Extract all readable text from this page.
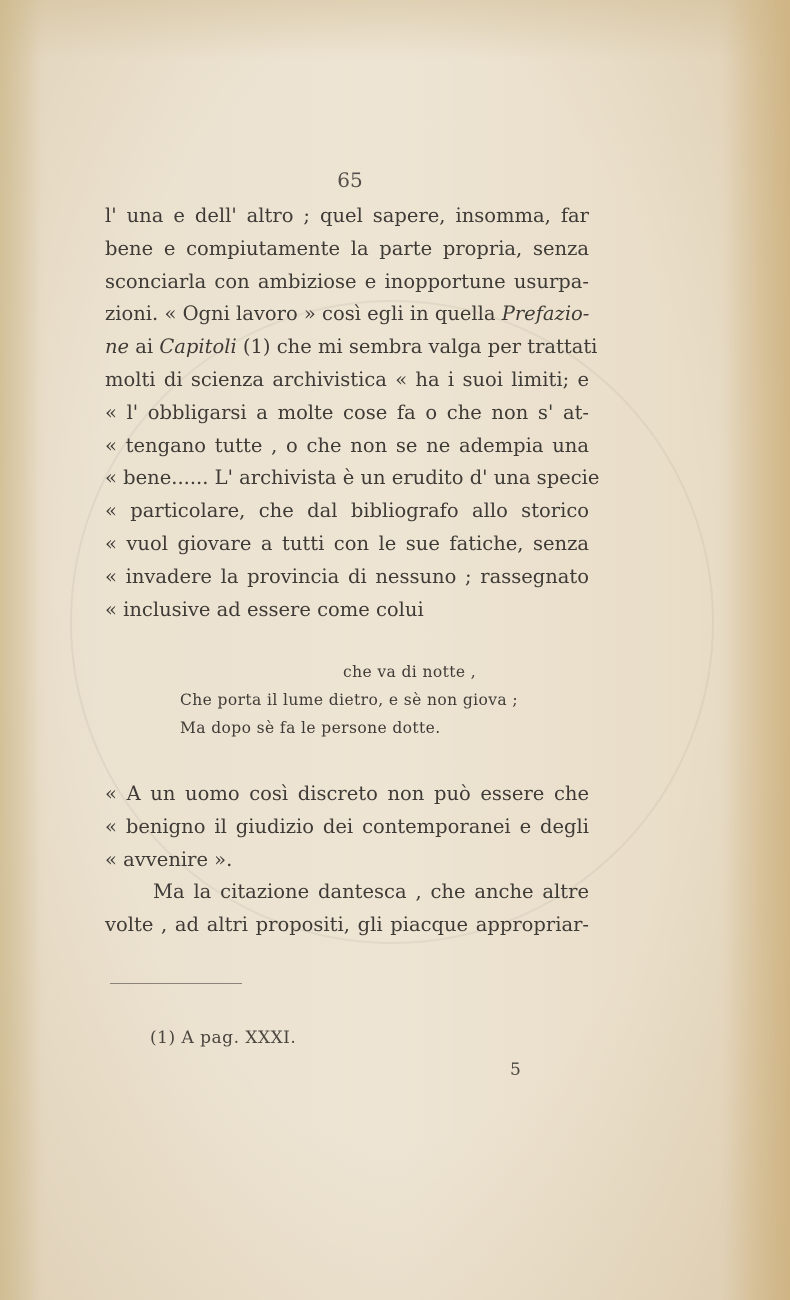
65
l' una e dell' altro ; quel sapere, insomma, far
bene e compiutamente la parte propria, senza
sconciarla con ambiziose e inopportune usurpa-
zioni. « Ogni lavoro » così egli in quella Prefazio-
ne ai Capitoli (1) che mi sembra valga per trattati
molti di scienza archivistica « ha i suoi limiti; e
« l' obbligarsi a molte cose fa o che non s' at-
« tengano tutte , o che non se ne adempia una
« bene...... L' archivista è un erudito d' una specie
« particolare, che dal bibliografo allo storico
« vuol giovare a tutti con le sue fatiche, senza
« invadere la provincia di nessuno ; rassegnato
« inclusive ad essere come colui
che va di notte ,
Che porta il lume dietro, e sè non giova ;
Ma dopo sè fa le persone dotte.
« A un uomo così discreto non può essere che
« benigno il giudizio dei contemporanei e degli
« avvenire ».
Ma la citazione dantesca , che anche altre
volte , ad altri propositi, gli piacque appropriar-
(1) A pag. XXXI.
5
